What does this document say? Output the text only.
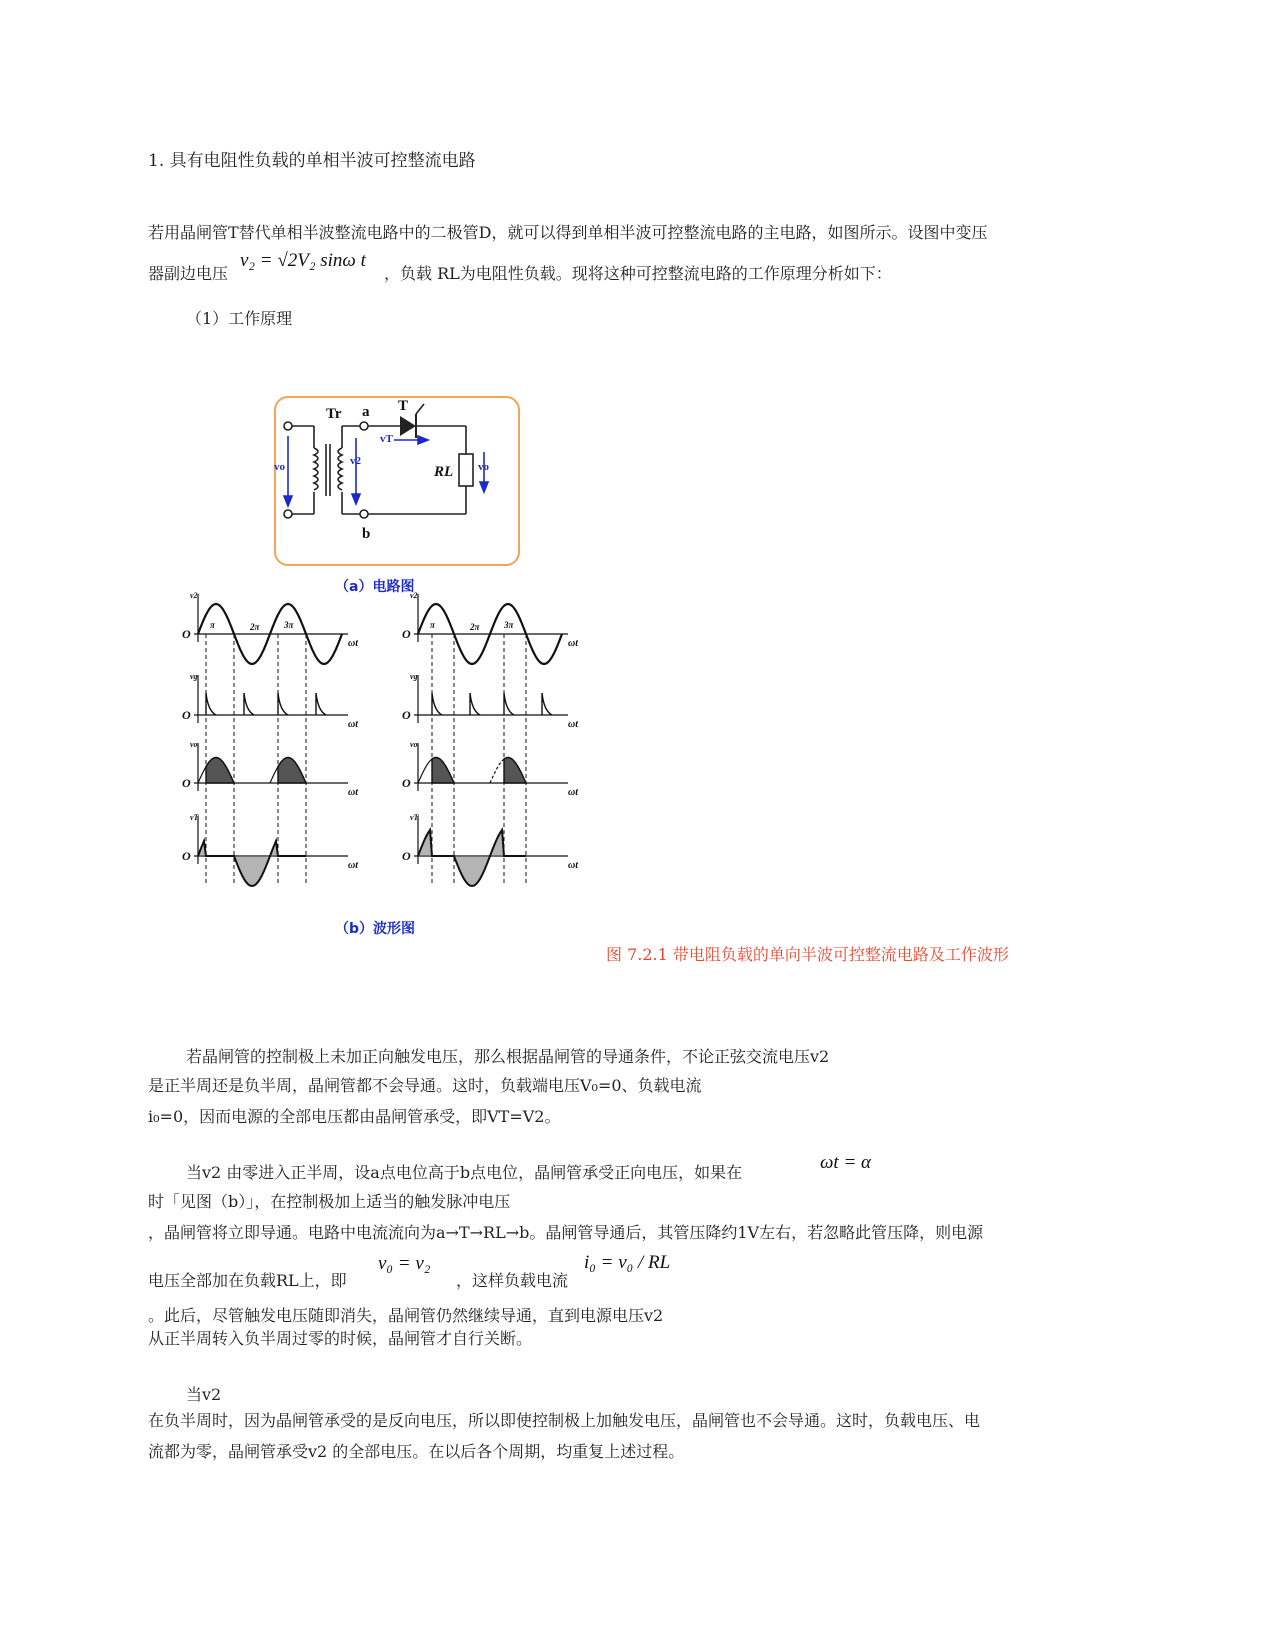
1. 具有电阻性负载的单相半波可控整流电路
若用晶闸管T替代单相半波整流电路中的二极管D，就可以得到单相半波可控整流电路的主电路，如图所示。设图中变压
器副边电压
v₂ = √2V₂ sinω t
，负载 RL为电阻性负载。现将这种可控整流电路的工作原理分析如下：
（1）工作原理
Tr a
b
T
RL
vT
vo	v2	vo
（a）电路图
O
ωt
v2
O
ωt
vg
O
ωt
vo
O
ωt
vT
π	2π	3π
O
ωt
v2
O
ωt
vg
O
ωt
vo
O
ωt
vT
π	2π	3π
（b）波形图
图 7.2.1 带电阻负载的单向半波可控整流电路及工作波形
若晶闸管的控制极上未加正向触发电压，那么根据晶闸管的导通条件，不论正弦交流电压v2
是正半周还是负半周，晶闸管都不会导通。这时，负载端电压V₀=0、负载电流
i₀=0，因而电源的全部电压都由晶闸管承受，即VT=V2。
当v2 由零进入正半周，设a点电位高于b点电位，晶闸管承受正向电压，如果在	ωt = α
时「见图（b）」，在控制极加上适当的触发脉冲电压
，晶闸管将立即导通。电路中电流流向为a→T→RL→b。晶闸管导通后，其管压降约1V左右，若忽略此管压降，则电源
电压全部加在负载RL上，即
v₀ = v₂
，这样负载电流
i₀ = v₀ / RL
。此后，尽管触发电压随即消失，晶闸管仍然继续导通，直到电源电压v2
从正半周转入负半周过零的时候，晶闸管才自行关断。
当v2
在负半周时，因为晶闸管承受的是反向电压，所以即使控制极上加触发电压，晶闸管也不会导通。这时，负载电压、电
流都为零，晶闸管承受v2 的全部电压。在以后各个周期，均重复上述过程。
